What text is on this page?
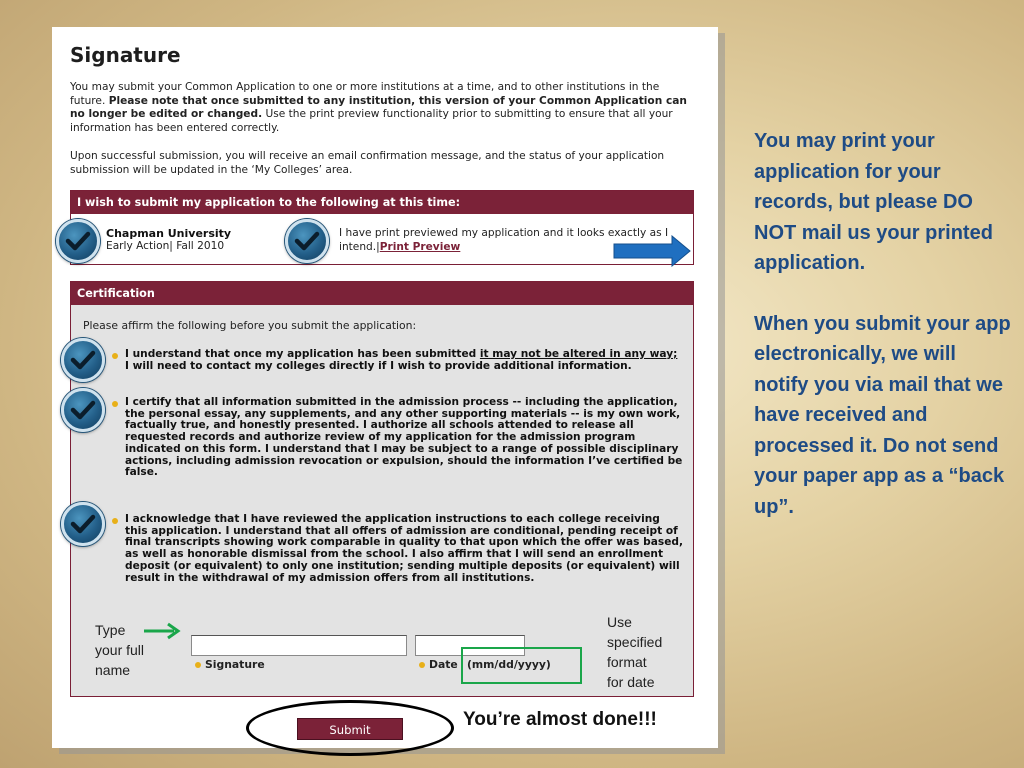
Signature
You may submit your Common Application to one or more institutions at a time, and to other institutions in the future. Please note that once submitted to any institution, this version of your Common Application can no longer be edited or changed. Use the print preview functionality prior to submitting to ensure that all your information has been entered correctly.
Upon successful submission, you will receive an email confirmation message, and the status of your application submission will be updated in the ‘My Colleges’ area.
I wish to submit my application to the following at this time:
Chapman University
Early Action| Fall 2010
I have print previewed my application and it looks exactly as I intend.|Print Preview
Certification
Please affirm the following before you submit the application:
I understand that once my application has been submitted it may not be altered in any way; I will need to contact my colleges directly if I wish to provide additional information.
I certify that all information submitted in the admission process -- including the application, the personal essay, any supplements, and any other supporting materials -- is my own work, factually true, and honestly presented. I authorize all schools attended to release all requested records and authorize review of my application for the admission program indicated on this form. I understand that I may be subject to a range of possible disciplinary actions, including admission revocation or expulsion, should the information I’ve certified be false.
I acknowledge that I have reviewed the application instructions to each college receiving this application. I understand that all offers of admission are conditional, pending receipt of final transcripts showing work comparable in quality to that upon which the offer was based, as well as honorable dismissal from the school. I also affirm that I will send an enrollment deposit (or equivalent) to only one institution; sending multiple deposits (or equivalent) will result in the withdrawal of my admission offers from all institutions.
Signature	Date (mm/dd/yyyy)
Submit
Type
your full
name
Use
specified
format
for date
You’re almost done!!!

You may print your application for your records, but please DO NOT mail us your printed application.

When you submit your app electronically, we will notify you via mail that we have received and processed it. Do not send your paper app as a “back up”.
